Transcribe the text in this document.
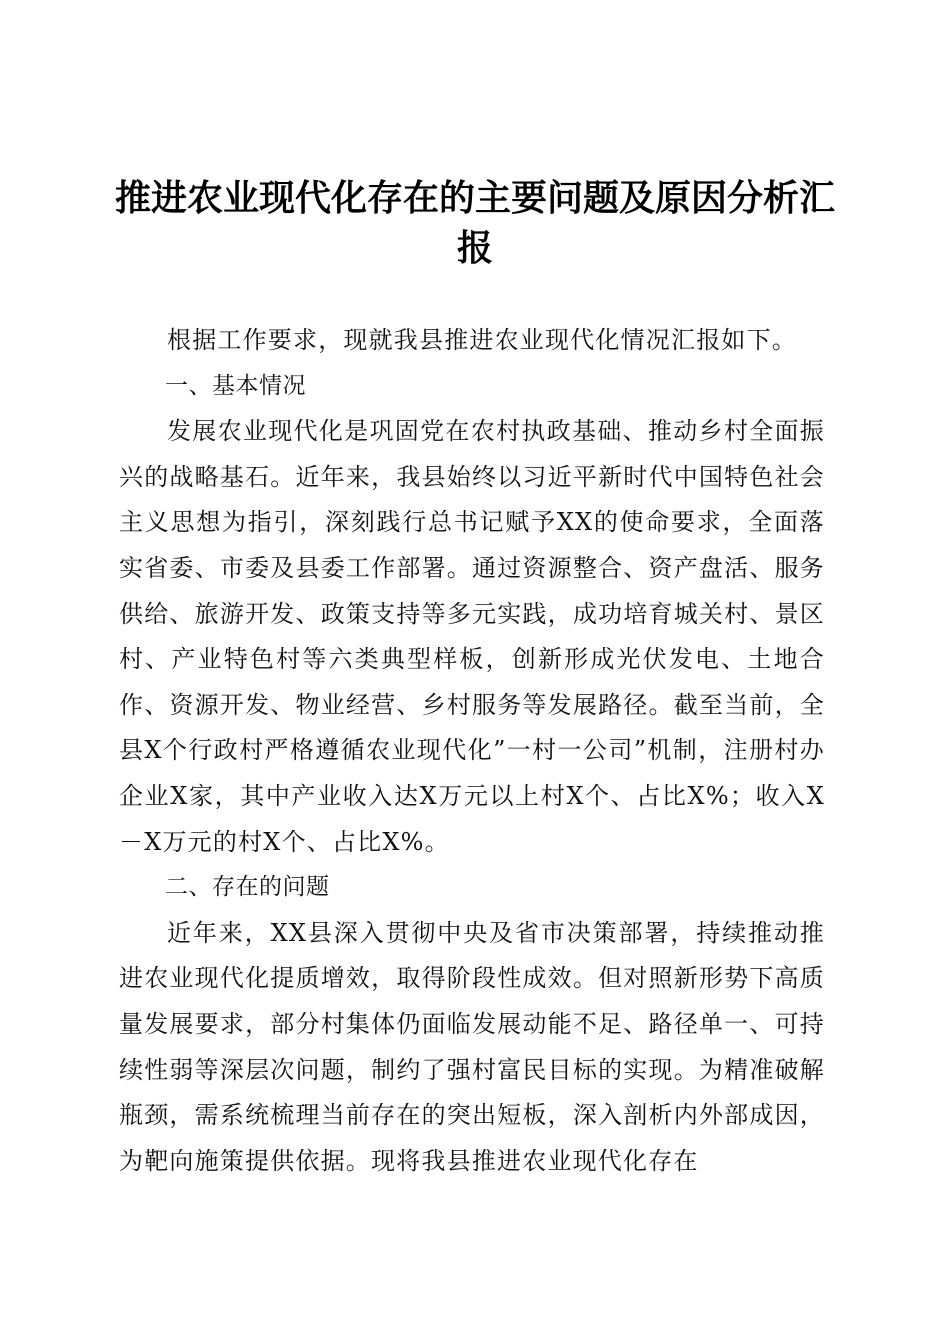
推进农业现代化存在的主要问题及原因分析汇报

根据工作要求，现就我县推进农业现代化情况汇报如下。

一、基本情况

发展农业现代化是巩固党在农村执政基础、推动乡村全面振兴的战略基石。近年来，我县始终以习近平新时代中国特色社会主义思想为指引，深刻践行总书记赋予XX的使命要求，全面落实省委、市委及县委工作部署。通过资源整合、资产盘活、服务供给、旅游开发、政策支持等多元实践，成功培育城关村、景区村、产业特色村等六类典型样板，创新形成光伏发电、土地合作、资源开发、物业经营、乡村服务等发展路径。截至当前，全县X个行政村严格遵循农业现代化”一村一公司”机制，注册村办企业X家，其中产业收入达X万元以上村X个、占比X%；收入X－X万元的村X个、占比X%。

二、存在的问题

近年来，XX县深入贯彻中央及省市决策部署，持续推动推进农业现代化提质增效，取得阶段性成效。但对照新形势下高质量发展要求，部分村集体仍面临发展动能不足、路径单一、可持续性弱等深层次问题，制约了强村富民目标的实现。为精准破解瓶颈，需系统梳理当前存在的突出短板，深入剖析内外部成因，为靶向施策提供依据。现将我县推进农业现代化存在
